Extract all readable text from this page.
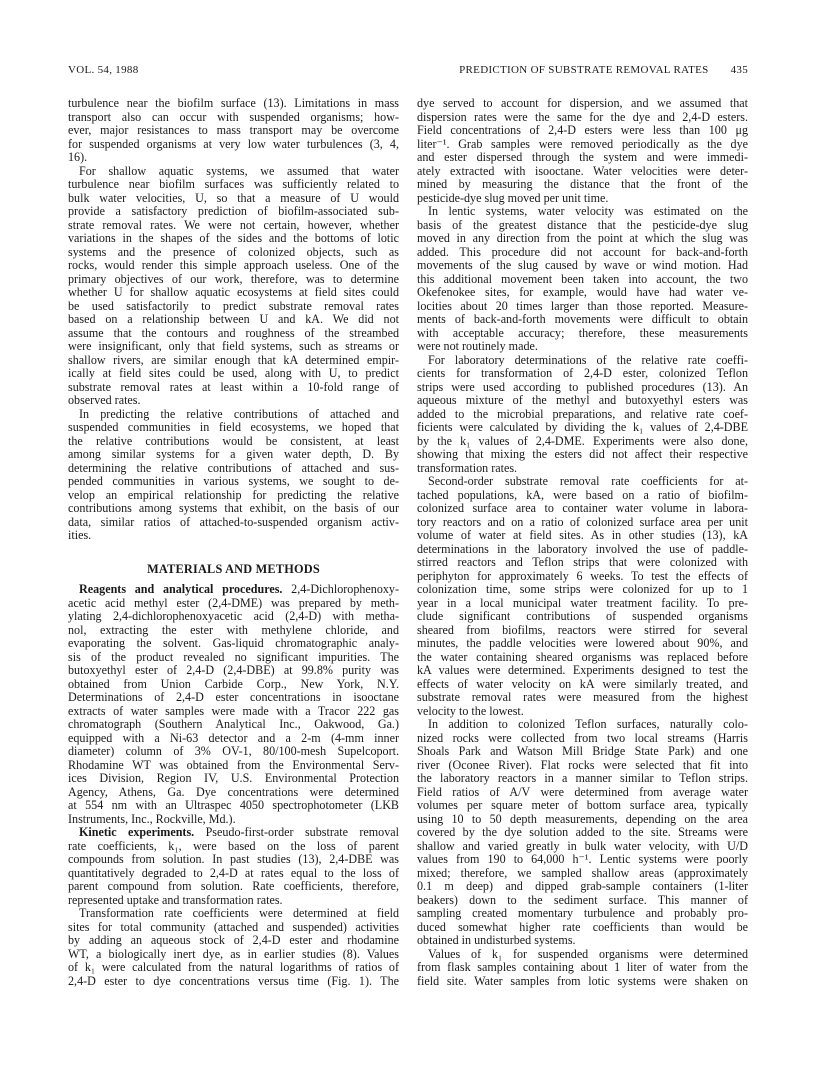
VOL. 54, 1988	PREDICTION OF SUBSTRATE REMOVAL RATES 435
turbulence near the biofilm surface (13). Limitations in mass
transport also can occur with suspended organisms; how-
ever, major resistances to mass transport may be overcome
for suspended organisms at very low water turbulences (3, 4,
16).
For shallow aquatic systems, we assumed that water
turbulence near biofilm surfaces was sufficiently related to
bulk water velocities, U, so that a measure of U would
provide a satisfactory prediction of biofilm-associated sub-
strate removal rates. We were not certain, however, whether
variations in the shapes of the sides and the bottoms of lotic
systems and the presence of colonized objects, such as
rocks, would render this simple approach useless. One of the
primary objectives of our work, therefore, was to determine
whether U for shallow aquatic ecosystems at field sites could
be used satisfactorily to predict substrate removal rates
based on a relationship between U and kA. We did not
assume that the contours and roughness of the streambed
were insignificant, only that field systems, such as streams or
shallow rivers, are similar enough that kA determined empir-
ically at field sites could be used, along with U, to predict
substrate removal rates at least within a 10-fold range of
observed rates.
In predicting the relative contributions of attached and
suspended communities in field ecosystems, we hoped that
the relative contributions would be consistent, at least
among similar systems for a given water depth, D. By
determining the relative contributions of attached and sus-
pended communities in various systems, we sought to de-
velop an empirical relationship for predicting the relative
contributions among systems that exhibit, on the basis of our
data, similar ratios of attached-to-suspended organism activ-
ities.
MATERIALS AND METHODS
Reagents and analytical procedures. 2,4-Dichlorophenoxy-
acetic acid methyl ester (2,4-DME) was prepared by meth-
ylating 2,4-dichlorophenoxyacetic acid (2,4-D) with metha-
nol, extracting the ester with methylene chloride, and
evaporating the solvent. Gas-liquid chromatographic analy-
sis of the product revealed no significant impurities. The
butoxyethyl ester of 2,4-D (2,4-DBE) at 99.8% purity was
obtained from Union Carbide Corp., New York, N.Y.
Determinations of 2,4-D ester concentrations in isooctane
extracts of water samples were made with a Tracor 222 gas
chromatograph (Southern Analytical Inc., Oakwood, Ga.)
equipped with a Ni-63 detector and a 2-m (4-mm inner
diameter) column of 3% OV-1, 80/100-mesh Supelcoport.
Rhodamine WT was obtained from the Environmental Serv-
ices Division, Region IV, U.S. Environmental Protection
Agency, Athens, Ga. Dye concentrations were determined
at 554 nm with an Ultraspec 4050 spectrophotometer (LKB
Instruments, Inc., Rockville, Md.).
Kinetic experiments. Pseudo-first-order substrate removal
rate coefficients, k₁, were based on the loss of parent
compounds from solution. In past studies (13), 2,4-DBE was
quantitatively degraded to 2,4-D at rates equal to the loss of
parent compound from solution. Rate coefficients, therefore,
represented uptake and transformation rates.
Transformation rate coefficients were determined at field
sites for total community (attached and suspended) activities
by adding an aqueous stock of 2,4-D ester and rhodamine
WT, a biologically inert dye, as in earlier studies (8). Values
of k₁ were calculated from the natural logarithms of ratios of
2,4-D ester to dye concentrations versus time (Fig. 1). The
dye served to account for dispersion, and we assumed that
dispersion rates were the same for the dye and 2,4-D esters.
Field concentrations of 2,4-D esters were less than 100 μg
liter⁻¹. Grab samples were removed periodically as the dye
and ester dispersed through the system and were immedi-
ately extracted with isooctane. Water velocities were deter-
mined by measuring the distance that the front of the
pesticide-dye slug moved per unit time.
In lentic systems, water velocity was estimated on the
basis of the greatest distance that the pesticide-dye slug
moved in any direction from the point at which the slug was
added. This procedure did not account for back-and-forth
movements of the slug caused by wave or wind motion. Had
this additional movement been taken into account, the two
Okefenokee sites, for example, would have had water ve-
locities about 20 times larger than those reported. Measure-
ments of back-and-forth movements were difficult to obtain
with acceptable accuracy; therefore, these measurements
were not routinely made.
For laboratory determinations of the relative rate coeffi-
cients for transformation of 2,4-D ester, colonized Teflon
strips were used according to published procedures (13). An
aqueous mixture of the methyl and butoxyethyl esters was
added to the microbial preparations, and relative rate coef-
ficients were calculated by dividing the k₁ values of 2,4-DBE
by the k₁ values of 2,4-DME. Experiments were also done,
showing that mixing the esters did not affect their respective
transformation rates.
Second-order substrate removal rate coefficients for at-
tached populations, kA, were based on a ratio of biofilm-
colonized surface area to container water volume in labora-
tory reactors and on a ratio of colonized surface area per unit
volume of water at field sites. As in other studies (13), kA
determinations in the laboratory involved the use of paddle-
stirred reactors and Teflon strips that were colonized with
periphyton for approximately 6 weeks. To test the effects of
colonization time, some strips were colonized for up to 1
year in a local municipal water treatment facility. To pre-
clude significant contributions of suspended organisms
sheared from biofilms, reactors were stirred for several
minutes, the paddle velocities were lowered about 90%, and
the water containing sheared organisms was replaced before
kA values were determined. Experiments designed to test the
effects of water velocity on kA were similarly treated, and
substrate removal rates were measured from the highest
velocity to the lowest.
In addition to colonized Teflon surfaces, naturally colo-
nized rocks were collected from two local streams (Harris
Shoals Park and Watson Mill Bridge State Park) and one
river (Oconee River). Flat rocks were selected that fit into
the laboratory reactors in a manner similar to Teflon strips.
Field ratios of A/V were determined from average water
volumes per square meter of bottom surface area, typically
using 10 to 50 depth measurements, depending on the area
covered by the dye solution added to the site. Streams were
shallow and varied greatly in bulk water velocity, with U/D
values from 190 to 64,000 h⁻¹. Lentic systems were poorly
mixed; therefore, we sampled shallow areas (approximately
0.1 m deep) and dipped grab-sample containers (1-liter
beakers) down to the sediment surface. This manner of
sampling created momentary turbulence and probably pro-
duced somewhat higher rate coefficients than would be
obtained in undisturbed systems.
Values of k₁ for suspended organisms were determined
from flask samples containing about 1 liter of water from the
field site. Water samples from lotic systems were shaken on
